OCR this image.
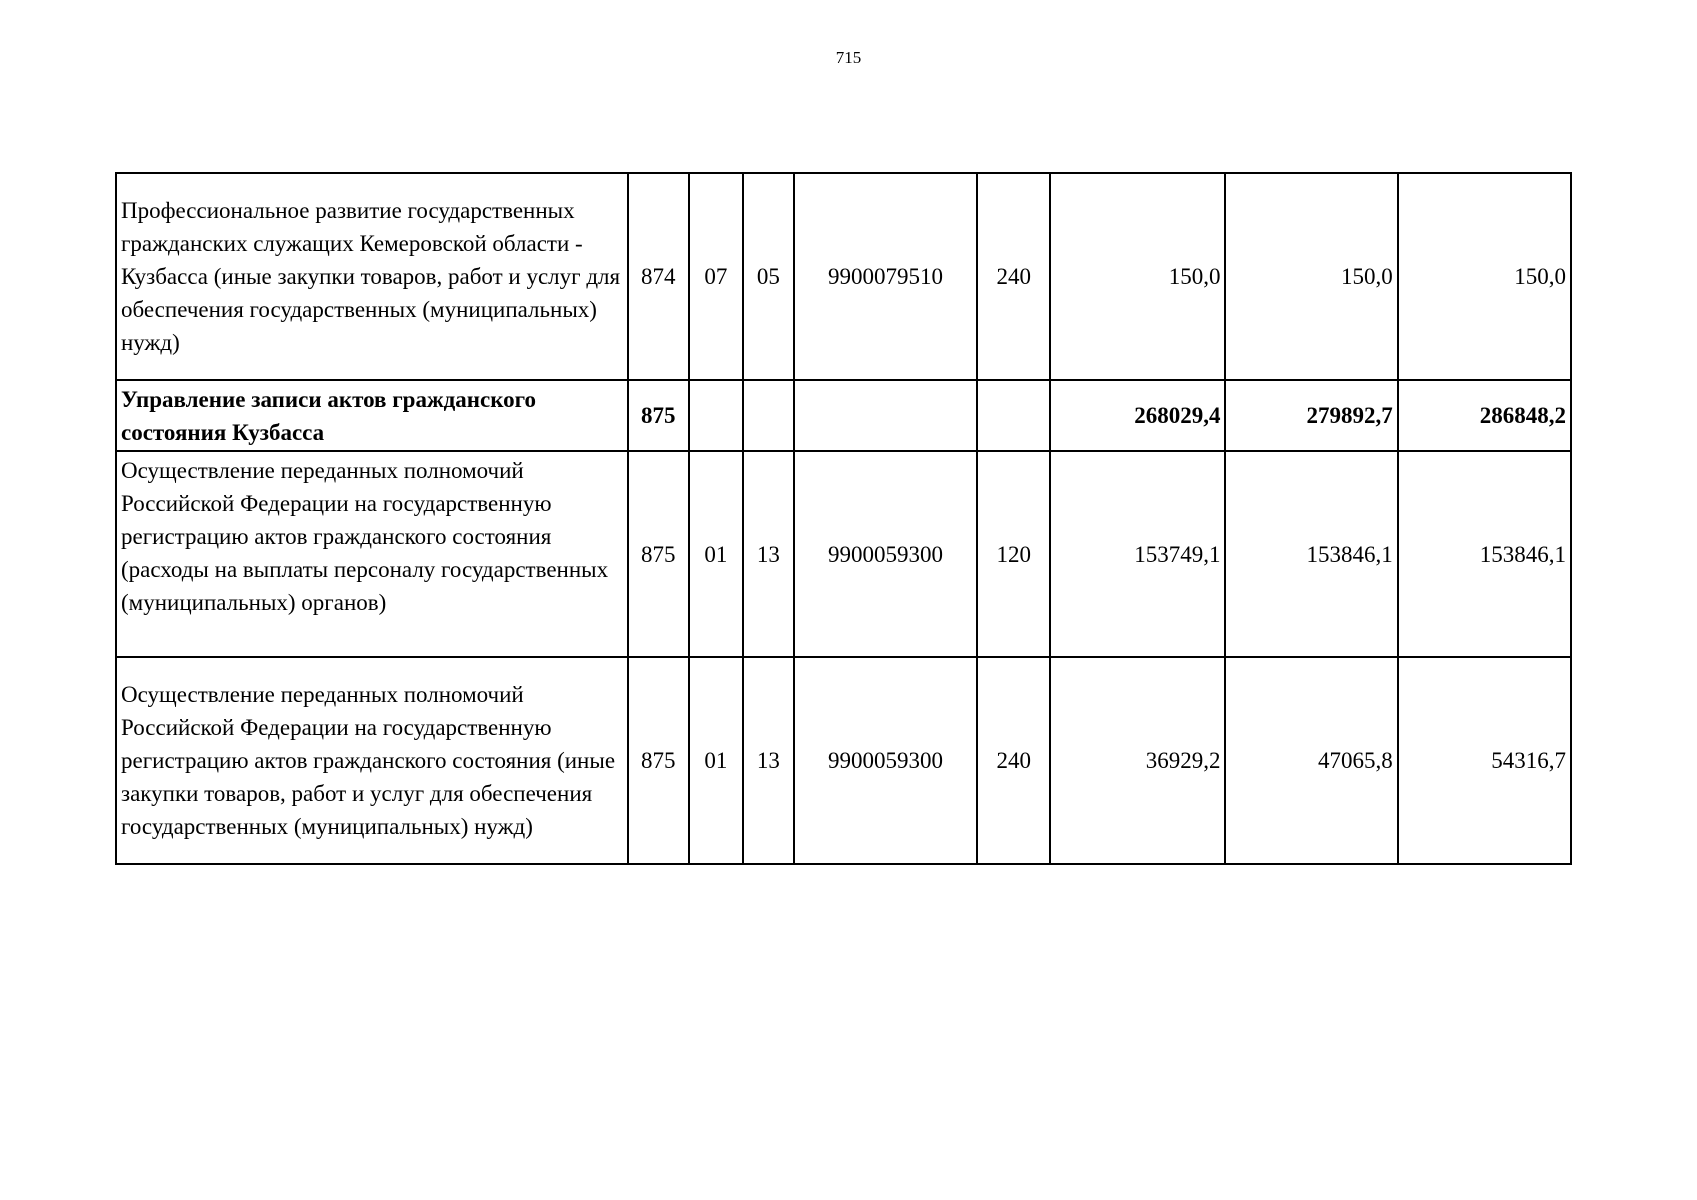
715
Профессиональное развитие государственных гражданских служащих Кемеровской области - Кузбасса (иные закупки товаров, работ и услуг для обеспечения государственных (муниципальных) нужд)	874	07	05	9900079510	240	150,0	150,0	150,0
Управление записи актов гражданского состояния Кузбасса	875					268029,4	279892,7	286848,2
Осуществление переданных полномочий Российской Федерации на государственную регистрацию актов гражданского состояния (расходы на выплаты персоналу государственных (муниципальных) органов)	875	01	13	9900059300	120	153749,1	153846,1	153846,1
Осуществление переданных полномочий Российской Федерации на государственную регистрацию актов гражданского состояния (иные закупки товаров, работ и услуг для обеспечения государственных (муниципальных) нужд)	875	01	13	9900059300	240	36929,2	47065,8	54316,7
